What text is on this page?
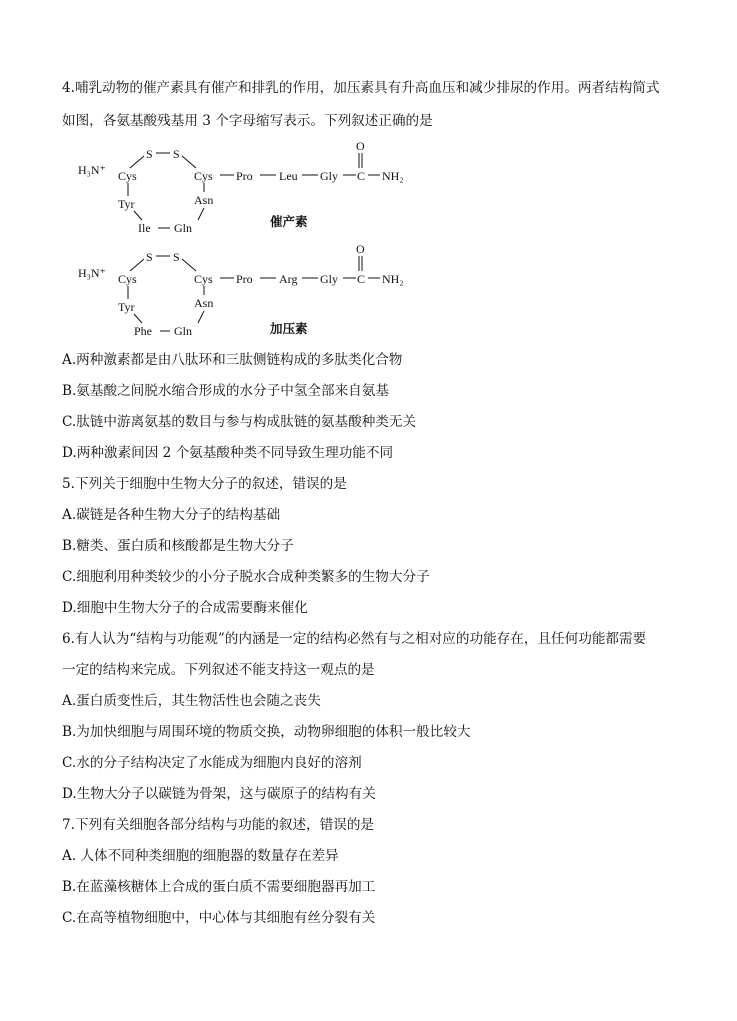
4.哺乳动物的催产素具有催产和排乳的作用，加压素具有升高血压和减少排尿的作用。两者结构简式
如图，各氨基酸残基用 3 个字母缩写表示。下列叙述正确的是
H₃N⁺ Cys
S S
Cys Pro Leu Gly
O
C NH₂
Tyr	Asn
Ile Gln	催产素
H₃N⁺ Cys
S S
Cys Pro Arg Gly
O
C NH₂
Tyr	Asn
Phe Gln	加压素
A.两种激素都是由八肽环和三肽侧链构成的多肽类化合物
B.氨基酸之间脱水缩合形成的水分子中氢全部来自氨基
C.肽链中游离氨基的数目与参与构成肽链的氨基酸种类无关
D.两种激素间因 2 个氨基酸种类不同导致生理功能不同
5.下列关于细胞中生物大分子的叙述，错误的是
A.碳链是各种生物大分子的结构基础
B.糖类、蛋白质和核酸都是生物大分子
C.细胞利用种类较少的小分子脱水合成种类繁多的生物大分子
D.细胞中生物大分子的合成需要酶来催化
6.有人认为“结构与功能观”的内涵是一定的结构必然有与之相对应的功能存在，且任何功能都需要
一定的结构来完成。下列叙述不能支持这一观点的是
A.蛋白质变性后，其生物活性也会随之丧失
B.为加快细胞与周围环境的物质交换，动物卵细胞的体积一般比较大
C.水的分子结构决定了水能成为细胞内良好的溶剂
D.生物大分子以碳链为骨架，这与碳原子的结构有关
7.下列有关细胞各部分结构与功能的叙述，错误的是
A. 人体不同种类细胞的细胞器的数量存在差异
B.在蓝藻核糖体上合成的蛋白质不需要细胞器再加工
C.在高等植物细胞中，中心体与其细胞有丝分裂有关
